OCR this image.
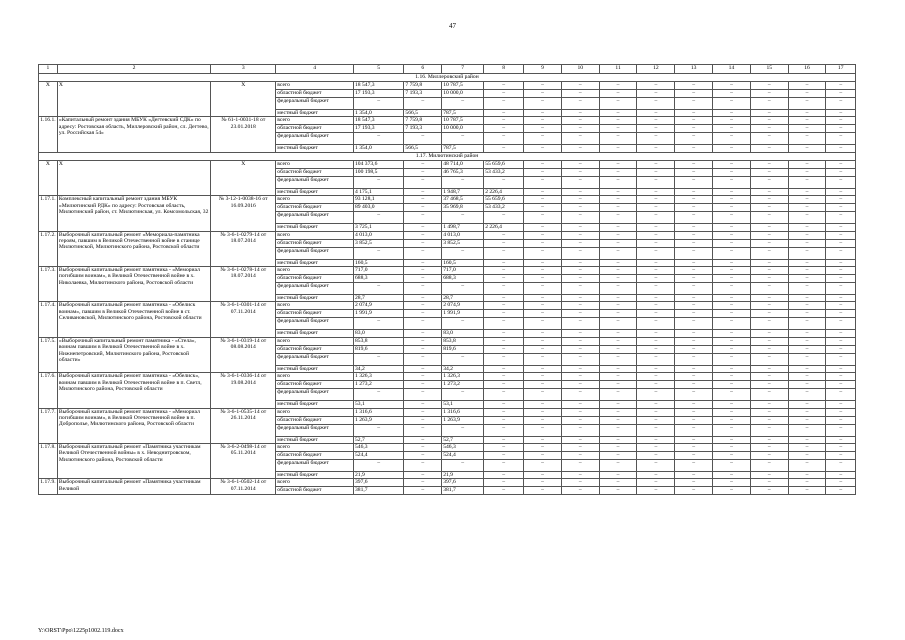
47
1	2	3	4	5	6	7	8	9	10	11	12	13	14	15	16	17
1.16. Миллеровский район																
X	X	X	всего	18 547,3	7 759,8	10 787,5	–	–	–	–	–	–	–	–	–	–
			областной бюджет	17 193,3	7 193,3	10 000,0	–	–	–	–	–	–	–	–	–	–
			федеральный бюджет	–	–	–	–	–	–	–	–	–	–	–	–	–
			местный бюджет	1 354,0	566,5	787,5	–	–	–	–	–	–	–	–	–	–
1.16.1.	«Капитальный ремонт здания МБУК «Дегтевский СДК» по адресу: Ростовская область, Миллеровский район, сл. Дегтево, ул. Российская 54»	№ 61-1-0031-18 от 23.01.2018	всего	18 547,3	7 759,8	10 787,5	–	–	–	–	–	–	–	–	–	–
			областной бюджет	17 193,3	7 193,3	10 000,0	–	–	–	–	–	–	–	–	–	–
			федеральный бюджет	–	–	–	–	–	–	–	–	–	–	–	–	–
			местный бюджет	1 354,0	566,5	787,5	–	–	–	–	–	–	–	–	–	–
1.17. Милютинский район																
X	X	X	всего	104 373,6	–	48 714,0	55 659,6	–	–	–	–	–	–	–	–	–
			областной бюджет	100 198,5	–	46 765,3	53 433,2	–	–	–	–	–	–	–	–	–
			федеральный бюджет	–	–	–	–	–	–	–	–	–	–	–	–	–
			местный бюджет	4 175,1	–	1 948,7	2 226,4	–	–	–	–	–	–	–	–	–
1.17.1.	Комплексный капитальный ремонт здания МБУК «Милютинский РДК» по адресу: Ростовская область, Милютинский район, ст. Милютинская, ул. Комсомольская, 32	№ 3-12-1-0038-16 от 16.09.2016	всего	93 128,1	–	37 468,5	55 659,6	–	–	–	–	–	–	–	–	–
			областной бюджет	89 403,0	–	35 969,8	53 433,2	–	–	–	–	–	–	–	–	–
			федеральный бюджет	–	–	–	–	–	–	–	–	–	–	–	–	–
			местный бюджет	3 725,1	–	1 498,7	2 226,4	–	–	–	–	–	–	–	–	–
1.17.2.	Выборочный капитальный ремонт «Мемориала-памятника героям, павшим в Великой Отечественной войне в станице Милютинской, Милютинского района, Ростовской области	№ 3-6-1-0279-14 от 18.07.2014	всего	4 013,0	–	4 013,0	–	–	–	–	–	–	–	–	–	–
			областной бюджет	3 852,5	–	3 852,5	–	–	–	–	–	–	–	–	–	–
			федеральный бюджет	–	–	–	–	–	–	–	–	–	–	–	–	–
			местный бюджет	160,5	–	160,5	–	–	–	–	–	–	–	–	–	–
1.17.3.	Выборочный капитальный ремонт памятника - «Мемориал погибшим воинам», в Великой Отечественной войне в х. Николаевка, Милютинского района, Ростовской области	№ 3-6-1-0278-14 от 18.07.2014	всего	717,0	–	717,0	–	–	–	–	–	–	–	–	–	–
			областной бюджет	688,3	–	688,3	–	–	–	–	–	–	–	–	–	–
			федеральный бюджет	–	–	–	–	–	–	–	–	–	–	–	–	–
			местный бюджет	28,7	–	28,7	–	–	–	–	–	–	–	–	–	–
1.17.4.	Выборочный капитальный ремонт памятника - «Обелиск воинам», павшим в Великой Отечественной войне в ст. Селивановской, Милютинского района, Ростовской области	№ 3-6-1-0301-14 от 07.11.2014	всего	2 074,9	–	2 074,9	–	–	–	–	–	–	–	–	–	–
			областной бюджет	1 991,9	–	1 991,9	–	–	–	–	–	–	–	–	–	–
			федеральный бюджет	–	–	–	–	–	–	–	–	–	–	–	–	–
			местный бюджет	83,0	–	83,0	–	–	–	–	–	–	–	–	–	–
1.17.5.	«Выборочный капитальный ремонт памятника - «Стела», воинам павшим в Великой Отечественной войне в х. Нижнепетровский, Милютинского района, Ростовской области»	№ 3-6-1-0319-14 от 08.08.2014	всего	853,8	–	853,8	–	–	–	–	–	–	–	–	–	–
			областной бюджет	819,6	–	819,6	–	–	–	–	–	–	–	–	–	–
			федеральный бюджет	–	–	–	–	–	–	–	–	–	–	–	–	–
			местный бюджет	34,2	–	34,2	–	–	–	–	–	–	–	–	–	–
1.17.6.	Выборочный капитальный ремонт памятника - «Обелиск», воинам павшим в Великой Отечественной войне в п. Светл, Милютинского района, Ростовской области	№ 3-6-1-0336-14 от 19.08.2014	всего	1 326,3	–	1 326,3	–	–	–	–	–	–	–	–	–	–
			областной бюджет	1 273,2	–	1 273,2	–	–	–	–	–	–	–	–	–	–
			федеральный бюджет	–	–	–	–	–	–	–	–	–	–	–	–	–
			местный бюджет	53,1	–	53,1	–	–	–	–	–	–	–	–	–	–
1.17.7.	Выборочный капитальный ремонт памятника - «Мемориал погибшим воинам», в Великой Отечественной войне в п. Доброполье, Милютинского района, Ростовской области	№ 3-6-1-0535-14 от 26.11.2014	всего	1 316,6	–	1 316,6	–	–	–	–	–	–	–	–	–	–
			областной бюджет	1 263,9	–	1 263,9	–	–	–	–	–	–	–	–	–	–
			федеральный бюджет	–	–	–	–	–	–	–	–	–	–	–	–	–
			местный бюджет	52,7	–	52,7	–	–	–	–	–	–	–	–	–	–
1.17.8.	Выборочный капитальный ремонт «Памятника участникам Великой Отечественной войны» в х. Неводнитровском, Милютинского района, Ростовской области	№ 3-6-2-0498-14 от 05.11.2014	всего	546,3	–	546,3	–	–	–	–	–	–	–	–	–	–
			областной бюджет	524,4	–	524,4	–	–	–	–	–	–	–	–	–	–
			федеральный бюджет	–	–	–	–	–	–	–	–	–	–	–	–	–
			местный бюджет	21,9	–	21,9	–	–	–	–	–	–	–	–	–	–
1.17.9.	Выборочный капитальный ремонт «Памятника участникам Великой	№ 3-6-1-0502-14 от 07.11.2014	всего	397,6	–	397,6	–	–	–	–	–	–	–	–	–	–
			областной бюджет	381,7	–	381,7	–	–	–	–	–	–	–	–	–	–
Y:\ORST\Ppo\1225p1002.119.docx
